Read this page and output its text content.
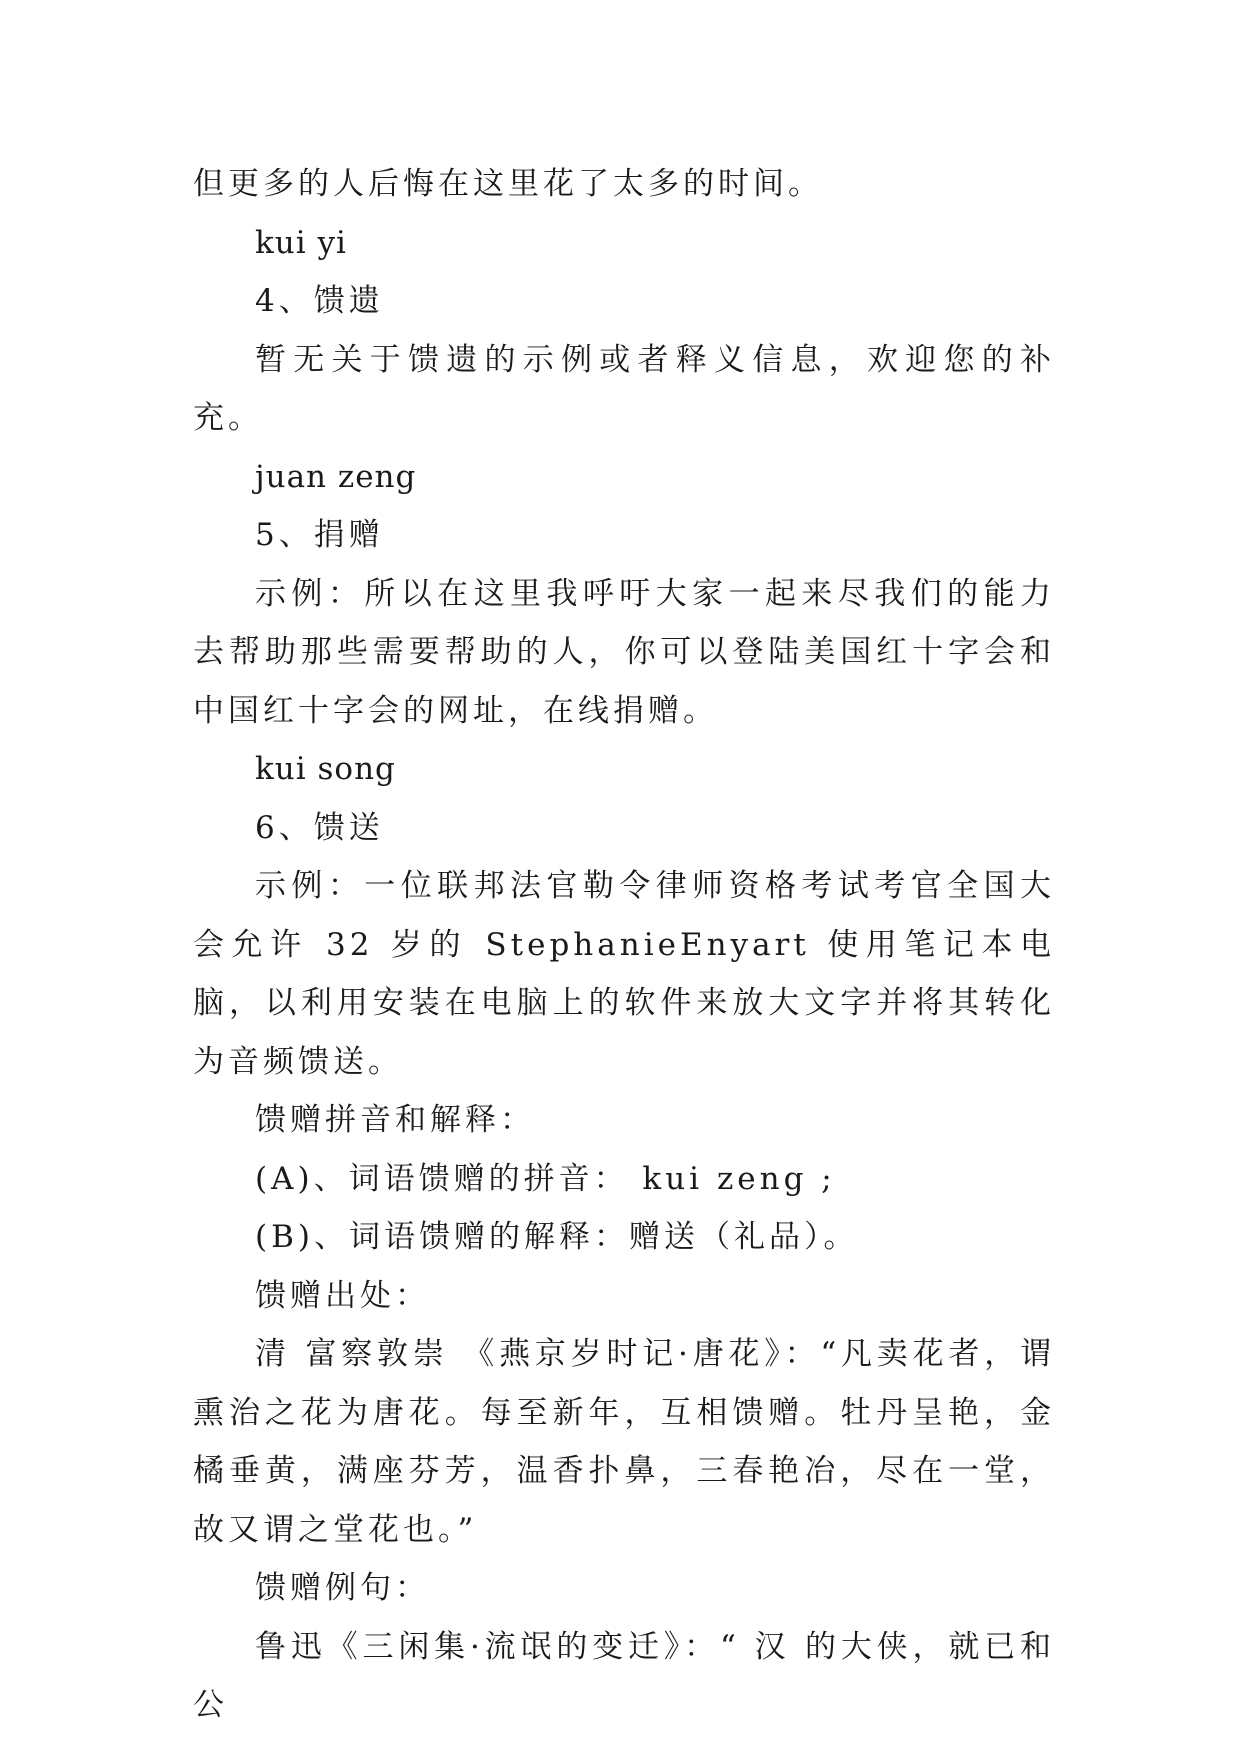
但更多的人后悔在这里花了太多的时间。

kui yi

4、馈遗

暂无关于馈遗的示例或者释义信息，欢迎您的补充。

juan zeng

5、捐赠

示例：所以在这里我呼吁大家一起来尽我们的能力去帮助那些需要帮助的人，你可以登陆美国红十字会和中国红十字会的网址，在线捐赠。

kui song

6、馈送

示例：一位联邦法官勒令律师资格考试考官全国大会允许 32 岁的 StephanieEnyart 使用笔记本电脑，以利用安装在电脑上的软件来放大文字并将其转化为音频馈送。

馈赠拼音和解释：

(A)、词语馈赠的拼音： kui zeng ;

(B)、词语馈赠的解释：赠送（礼品）。

馈赠出处：

清 富察敦崇 《燕京岁时记·唐花》：“凡卖花者，谓熏治之花为唐花。每至新年，互相馈赠。牡丹呈艳，金橘垂黄，满座芬芳，温香扑鼻，三春艳冶，尽在一堂，故又谓之堂花也。”

馈赠例句：

鲁迅《三闲集·流氓的变迁》：“ 汉 的大侠，就已和公
